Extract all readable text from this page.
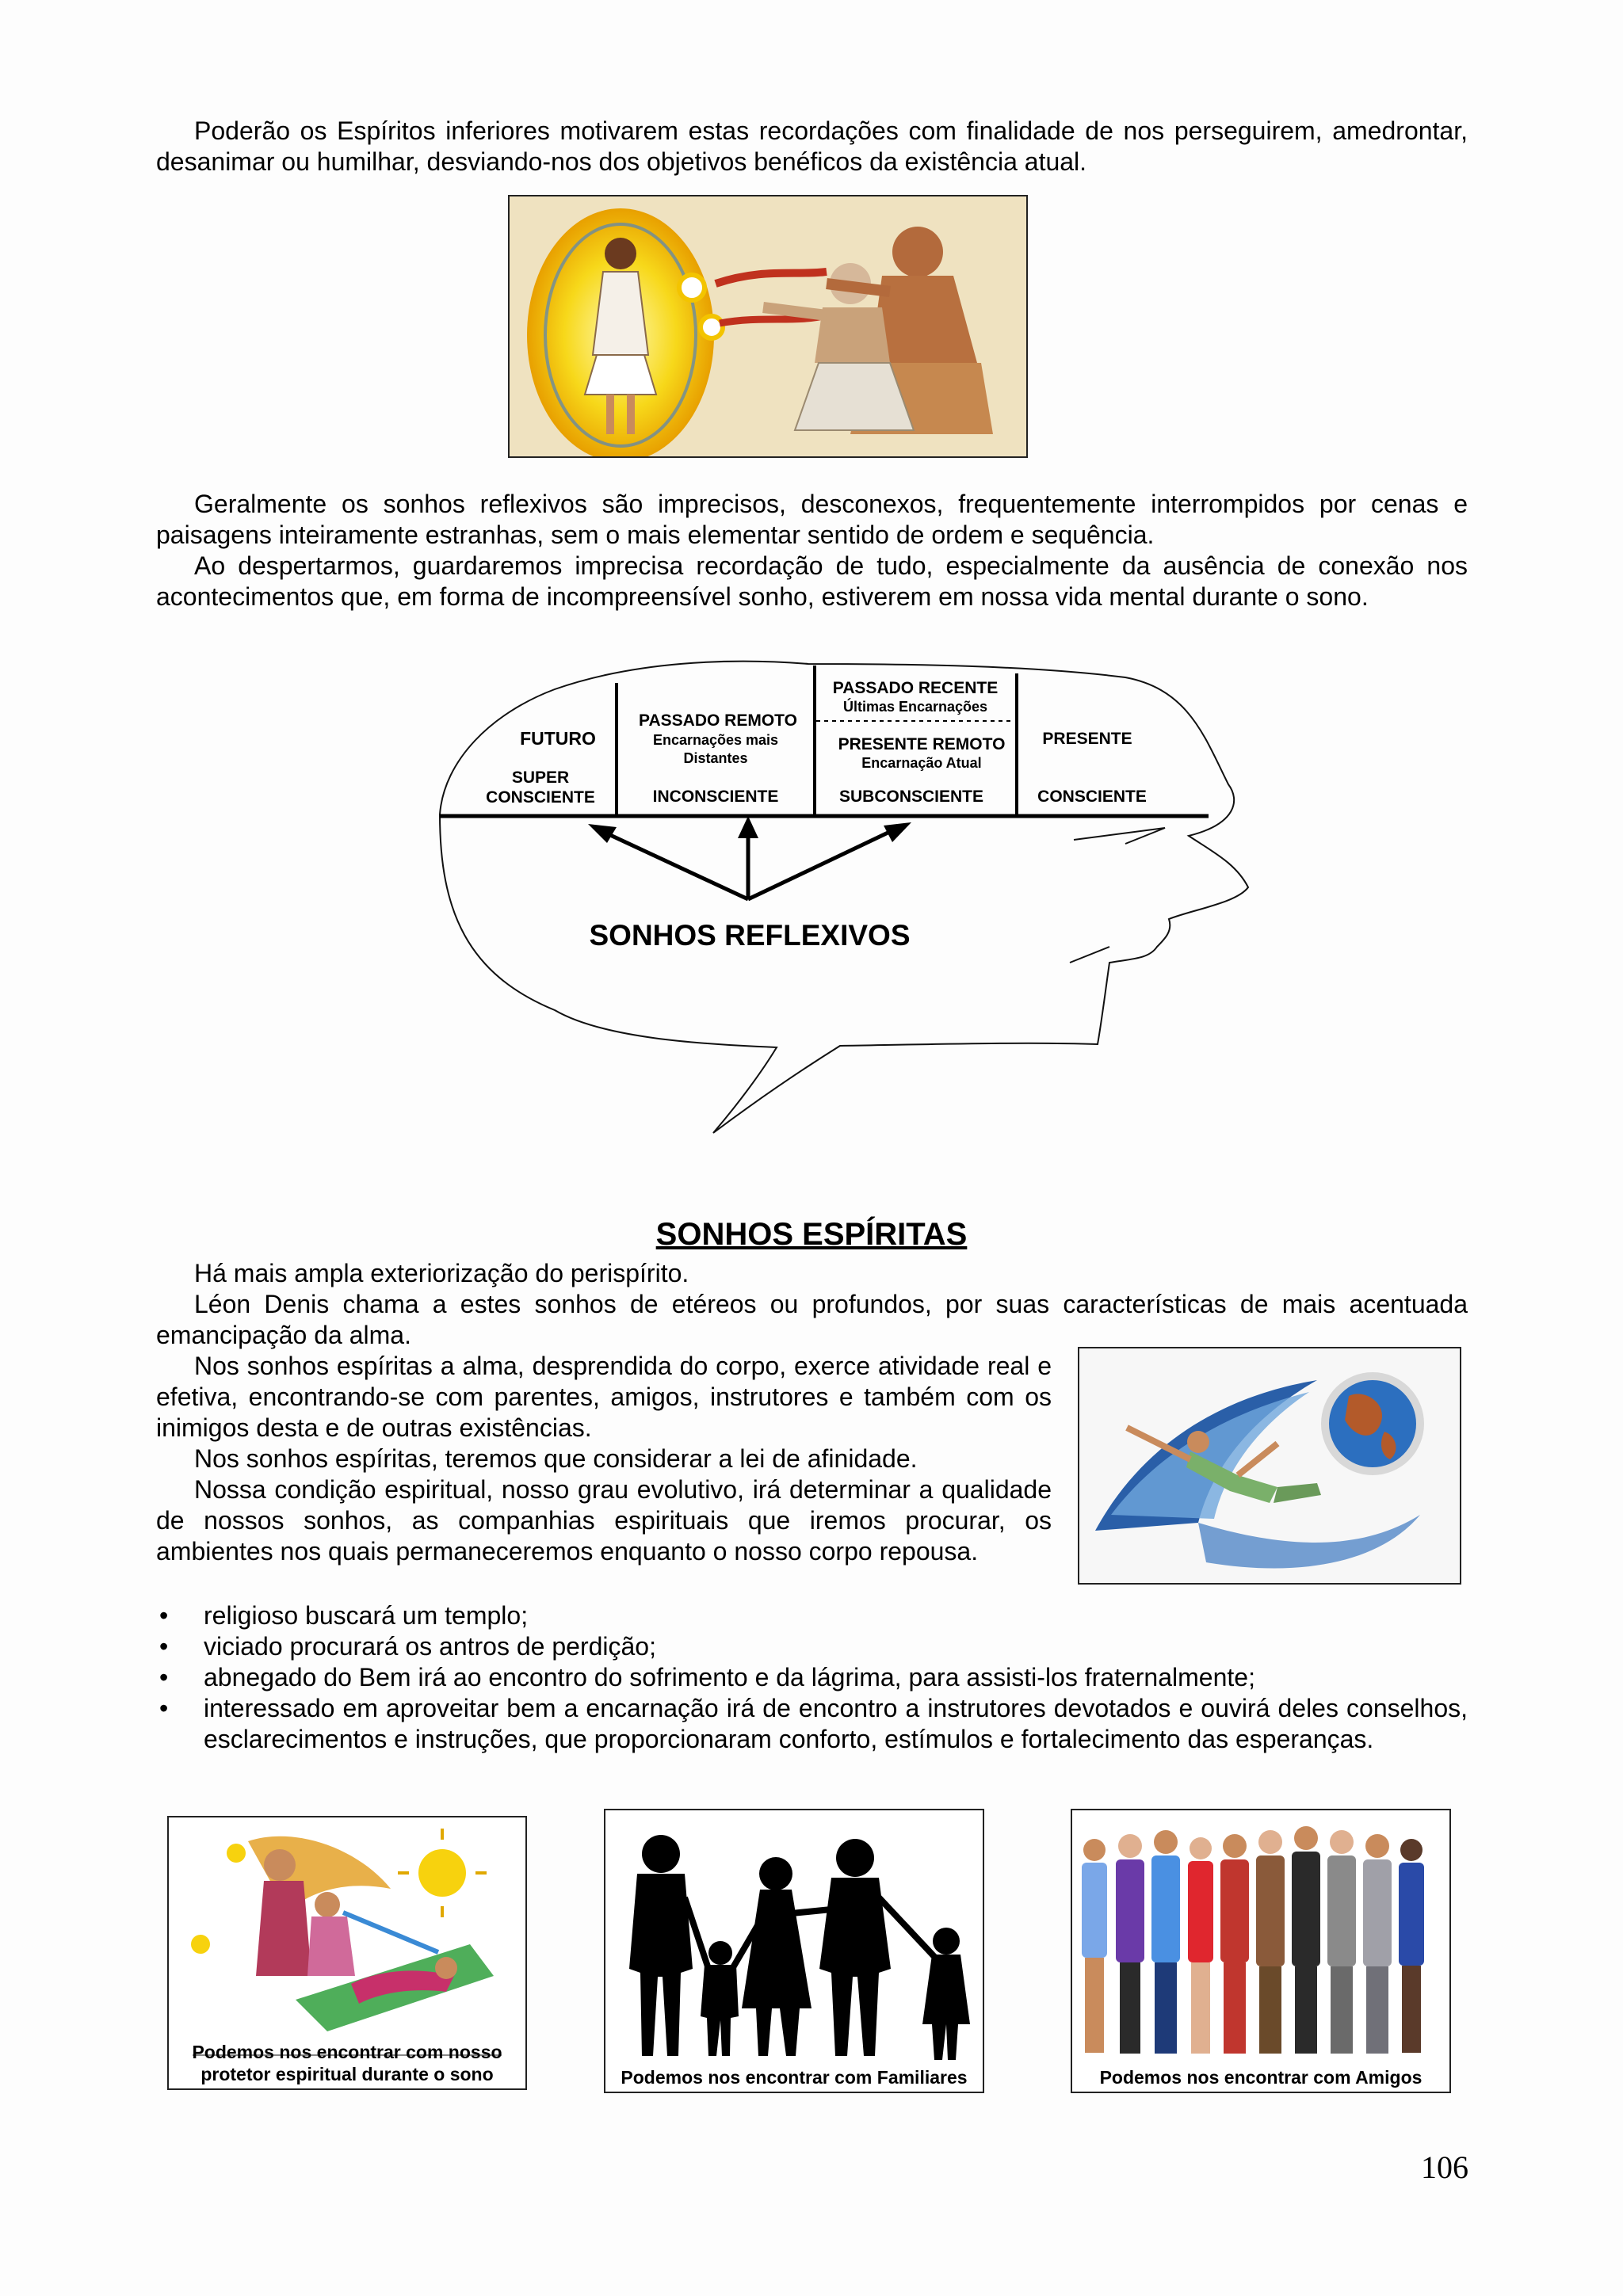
Poderão os Espíritos inferiores motivarem estas recordações com finalidade de nos perseguirem, amedrontar, desanimar ou humilhar, desviando-nos dos objetivos benéficos da existência atual.
Geralmente os sonhos reflexivos são imprecisos, desconexos, frequentemente interrompidos por cenas e paisagens inteiramente estranhas, sem o mais elementar sentido de ordem e sequência.
Ao despertarmos, guardaremos imprecisa recordação de tudo, especialmente da ausência de conexão nos acontecimentos que, em forma de incompreensível sonho, estiverem em nossa vida mental durante o sono.
FUTURO
SUPER
CONSCIENTE
PASSADO REMOTO
Encarnações mais
Distantes
INCONSCIENTE
PASSADO RECENTE
Últimas Encarnações
PRESENTE REMOTO
Encarnação Atual
SUBCONSCIENTE
PRESENTE
CONSCIENTE
SONHOS REFLEXIVOS
SONHOS ESPÍRITAS
Há mais ampla exteriorização do perispírito.
Léon Denis chama a estes sonhos de etéreos ou profundos, por suas características de mais acentuada emancipação da alma.
Nos sonhos espíritas a alma, desprendida do corpo, exerce atividade real e efetiva, encontrando-se com parentes, amigos, instrutores e também com os inimigos desta e de outras existências.
Nos sonhos espíritas, teremos que considerar a lei de afinidade.
Nossa condição espiritual, nosso grau evolutivo, irá determinar a qualidade de nossos sonhos, as companhias espirituais que iremos procurar, os ambientes nos quais permaneceremos enquanto o nosso corpo repousa.
• religioso buscará um templo;
• viciado procurará os antros de perdição;
• abnegado do Bem irá ao encontro do sofrimento e da lágrima, para assisti-los fraternalmente;
• interessado em aproveitar bem a encarnação irá de encontro a instrutores devotados e ouvirá deles conselhos, esclarecimentos e instruções, que proporcionaram conforto, estímulos e fortalecimento das esperanças.
Podemos nos encontrar com nosso
protetor espiritual durante o sono	Podemos nos encontrar com Familiares	Podemos nos encontrar com Amigos
106
